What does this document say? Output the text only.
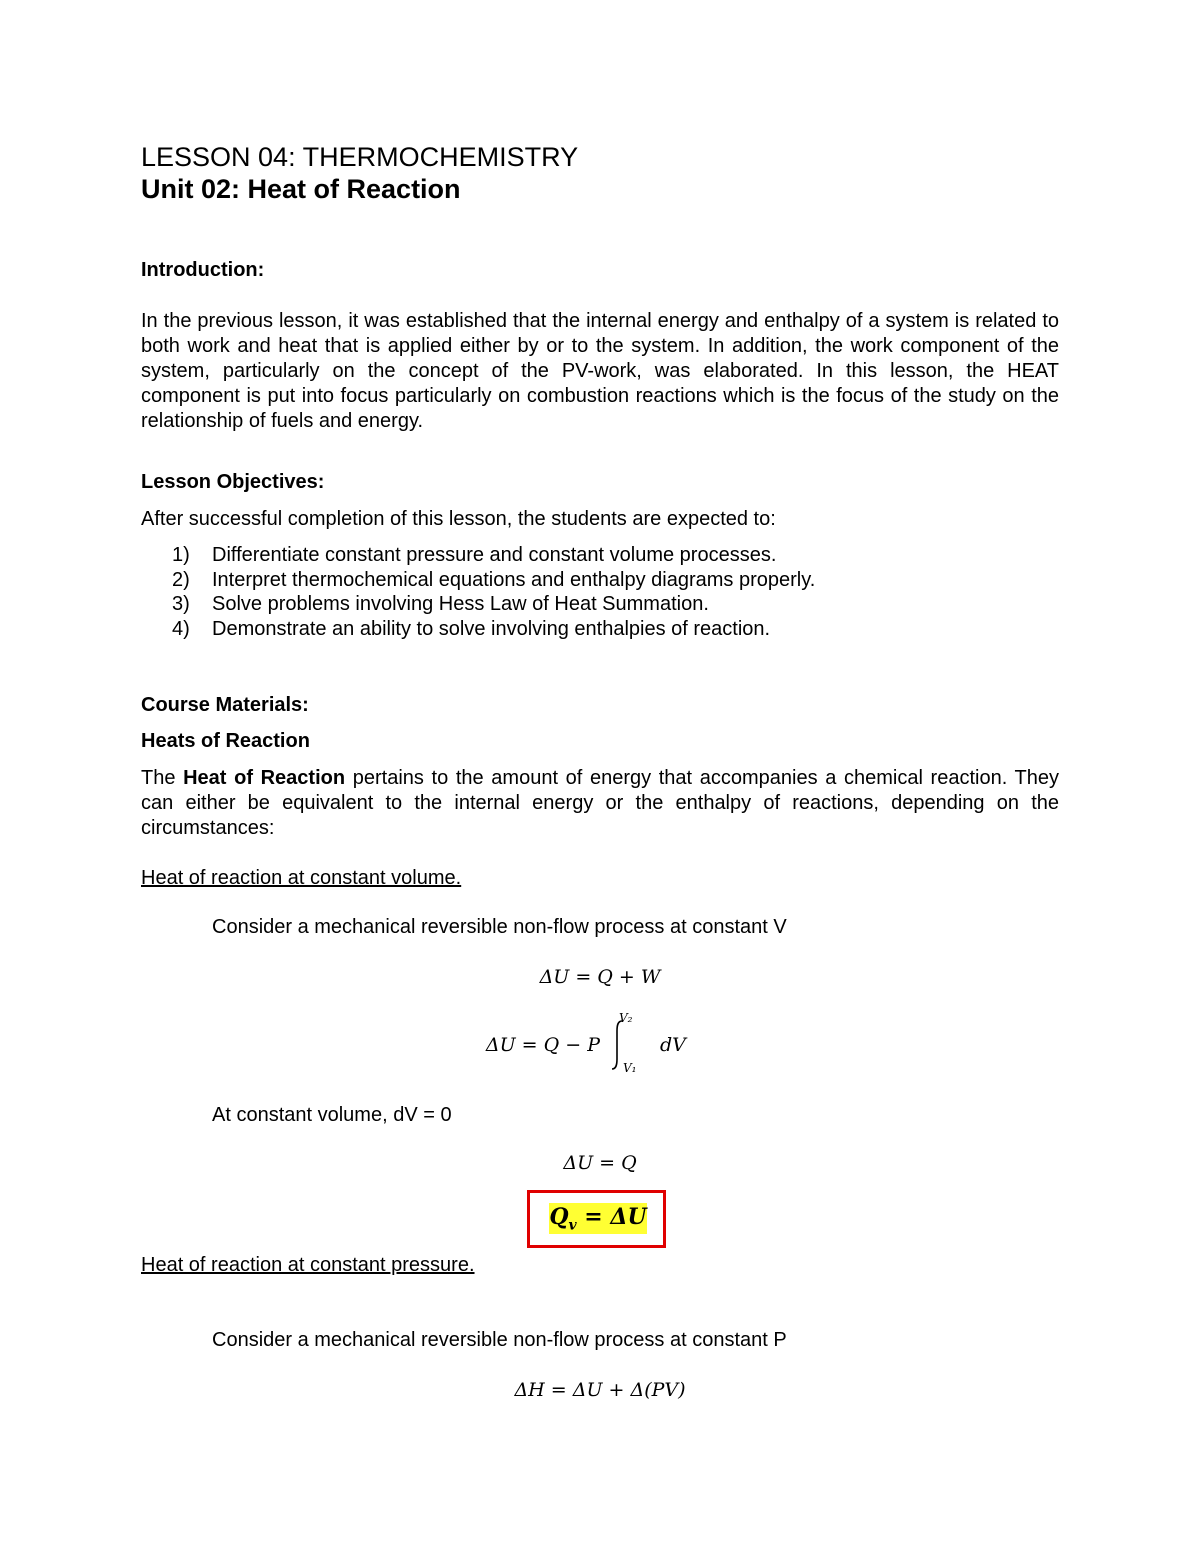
LESSON 04: THERMOCHEMISTRY
Unit 02: Heat of Reaction
Introduction:
In the previous lesson, it was established that the internal energy and enthalpy of a system is related to both work and heat that is applied either by or to the system. In addition, the work component of the system, particularly on the concept of the PV-work, was elaborated. In this lesson, the HEAT component is put into focus particularly on combustion reactions which is the focus of the study on the relationship of fuels and energy.
Lesson Objectives:
After successful completion of this lesson, the students are expected to:
1) Differentiate constant pressure and constant volume processes.
2) Interpret thermochemical equations and enthalpy diagrams properly.
3) Solve problems involving Hess Law of Heat Summation.
4) Demonstrate an ability to solve involving enthalpies of reaction.
Course Materials:
Heats of Reaction
The Heat of Reaction pertains to the amount of energy that accompanies a chemical reaction. They can either be equivalent to the internal energy or the enthalpy of reactions, depending on the circumstances:
Heat of reaction at constant volume.
Consider a mechanical reversible non-flow process at constant V
ΔU = Q + W
ΔU = Q − P
V₂
V₁
dV
At constant volume, dV = 0
ΔU = Q
$Q_v = \Delta U$
Heat of reaction at constant pressure.
Consider a mechanical reversible non-flow process at constant P
ΔH = ΔU + Δ(PV)
